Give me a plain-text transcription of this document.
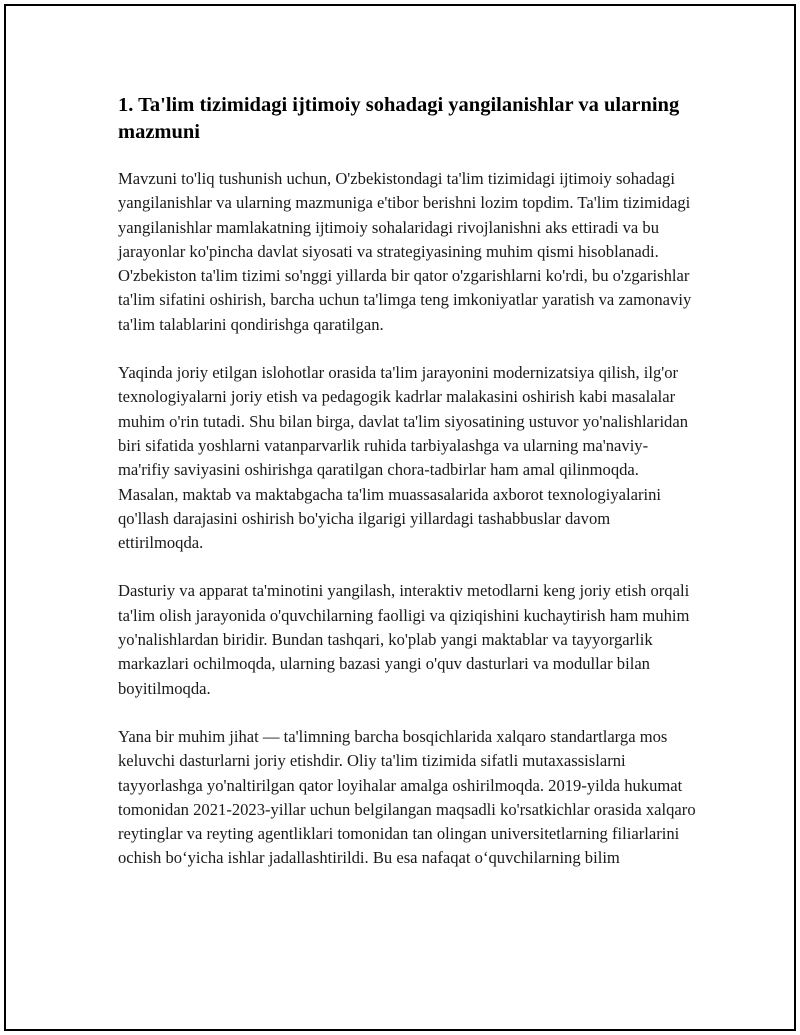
1. Ta'lim tizimidagi ijtimoiy sohadagi yangilanishlar va ularning mazmuni

Mavzuni to'liq tushunish uchun, O'zbekistondagi ta'lim tizimidagi ijtimoiy sohadagi yangilanishlar va ularning mazmuniga e'tibor berishni lozim topdim. Ta'lim tizimidagi yangilanishlar mamlakatning ijtimoiy sohalaridagi rivojlanishni aks ettiradi va bu jarayonlar ko'pincha davlat siyosati va strategiyasining muhim qismi hisoblanadi. O'zbekiston ta'lim tizimi so'nggi yillarda bir qator o'zgarishlarni ko'rdi, bu o'zgarishlar ta'lim sifatini oshirish, barcha uchun ta'limga teng imkoniyatlar yaratish va zamonaviy ta'lim talablarini qondirishga qaratilgan.

Yaqinda joriy etilgan islohotlar orasida ta'lim jarayonini modernizatsiya qilish, ilg'or texnologiyalarni joriy etish va pedagogik kadrlar malakasini oshirish kabi masalalar muhim o'rin tutadi. Shu bilan birga, davlat ta'lim siyosatining ustuvor yo'nalishlaridan biri sifatida yoshlarni vatanparvarlik ruhida tarbiyalashga va ularning ma'naviy-ma'rifiy saviyasini oshirishga qaratilgan chora-tadbirlar ham amal qilinmoqda. Masalan, maktab va maktabgacha ta'lim muassasalarida axborot texnologiyalarini qo'llash darajasini oshirish bo'yicha ilgarigi yillardagi tashabbuslar davom ettirilmoqda.

Dasturiy va apparat ta'minotini yangilash, interaktiv metodlarni keng joriy etish orqali ta'lim olish jarayonida o'quvchilarning faolligi va qiziqishini kuchaytirish ham muhim yo'nalishlardan biridir. Bundan tashqari, ko'plab yangi maktablar va tayyorgarlik markazlari ochilmoqda, ularning bazasi yangi o'quv dasturlari va modullar bilan boyitilmoqda.

Yana bir muhim jihat — ta'limning barcha bosqichlarida xalqaro standartlarga mos keluvchi dasturlarni joriy etishdir. Oliy ta'lim tizimida sifatli mutaxassislarni tayyorlashga yo'naltirilgan qator loyihalar amalga oshirilmoqda. 2019-yilda hukumat tomonidan 2021-2023-yillar uchun belgilangan maqsadli ko'rsatkichlar orasida xalqaro reytinglar va reyting agentliklari tomonidan tan olingan universitetlarning filiarlarini ochish bo‘yicha ishlar jadallashtirildi. Bu esa nafaqat o‘quvchilarning bilim
